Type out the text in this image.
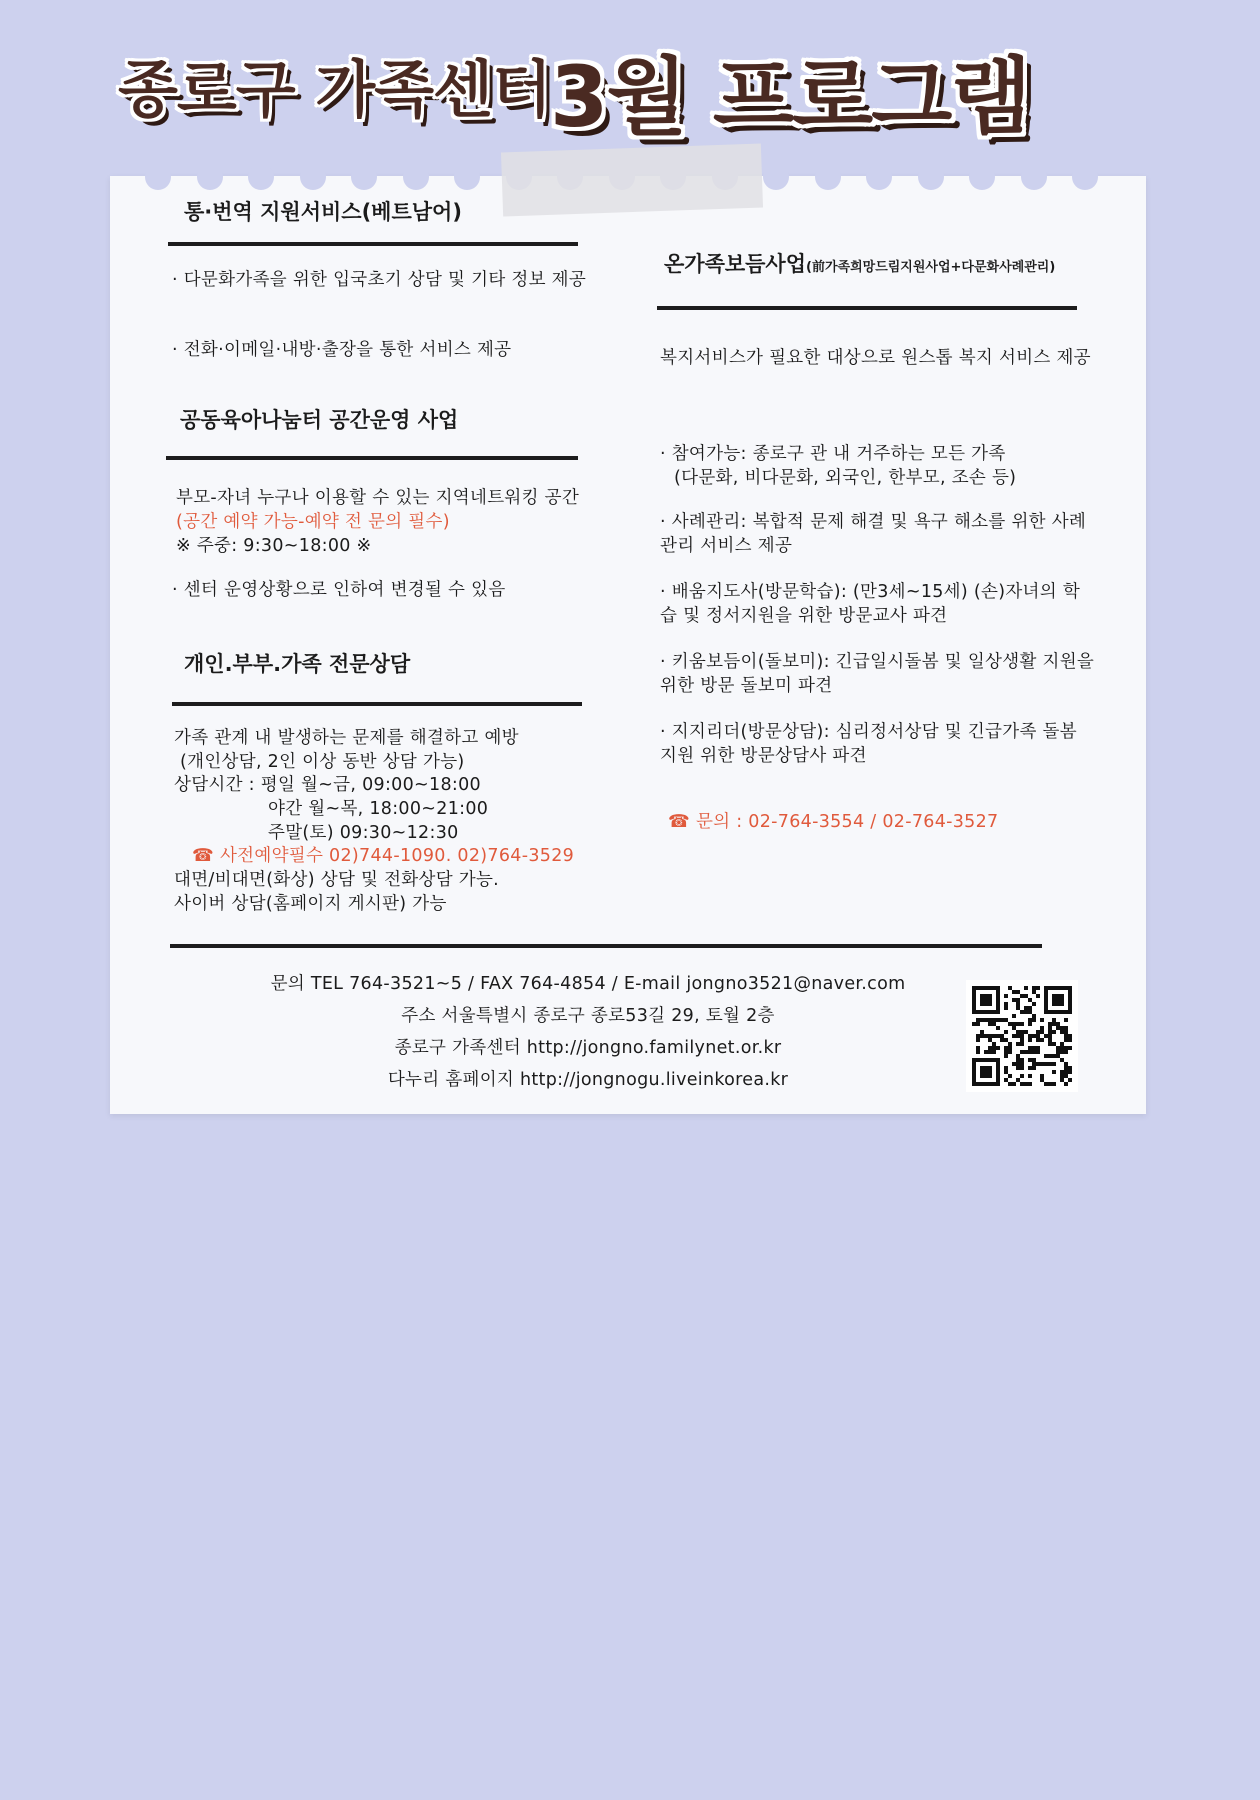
종로구 가족센터 3월 프로그램
통·번역 지원서비스(베트남어)
· 다문화가족을 위한 입국초기 상담 및 기타 정보 제공
· 전화·이메일·내방·출장을 통한 서비스 제공
공동육아나눔터 공간운영 사업
부모-자녀 누구나 이용할 수 있는 지역네트워킹 공간 (공간 예약 가능-예약 전 문의 필수)
※ 주중: 9:30~18:00 ※
· 센터 운영상황으로 인하여 변경될 수 있음
개인.부부.가족 전문상담
가족 관계 내 발생하는 문제를 해결하고 예방
(개인상담, 2인 이상 동반 상담 가능)
상담시간 : 평일 월~금, 09:00~18:00
야간 월~목, 18:00~21:00
주말(토) 09:30~12:30
☎ 사전예약필수 02)744-1090. 02)764-3529
대면/비대면(화상) 상담 및 전화상담 가능.
사이버 상담(홈페이지 게시판) 가능
온가족보듬사업(前가족희망드림지원사업+다문화사례관리)
복지서비스가 필요한 대상으로 원스톱 복지 서비스 제공
· 참여가능: 종로구 관 내 거주하는 모든 가족
(다문화, 비다문화, 외국인, 한부모, 조손 등)
· 사례관리: 복합적 문제 해결 및 욕구 해소를 위한 사례관리 서비스 제공
· 배움지도사(방문학습): (만3세~15세) (손)자녀의 학습 및 정서지원을 위한 방문교사 파견
· 키움보듬이(돌보미): 긴급일시돌봄 및 일상생활 지원을 위한 방문 돌보미 파견
· 지지리더(방문상담): 심리정서상담 및 긴급가족 돌봄 지원 위한 방문상담사 파견
☎ 문의 : 02-764-3554 / 02-764-3527
문의 TEL 764-3521~5 / FAX 764-4854 / E-mail jongno3521@naver.com
주소 서울특별시 종로구 종로53길 29, 토월 2층
종로구 가족센터 http://jongno.familynet.or.kr
다누리 홈페이지 http://jongnogu.liveinkorea.kr
